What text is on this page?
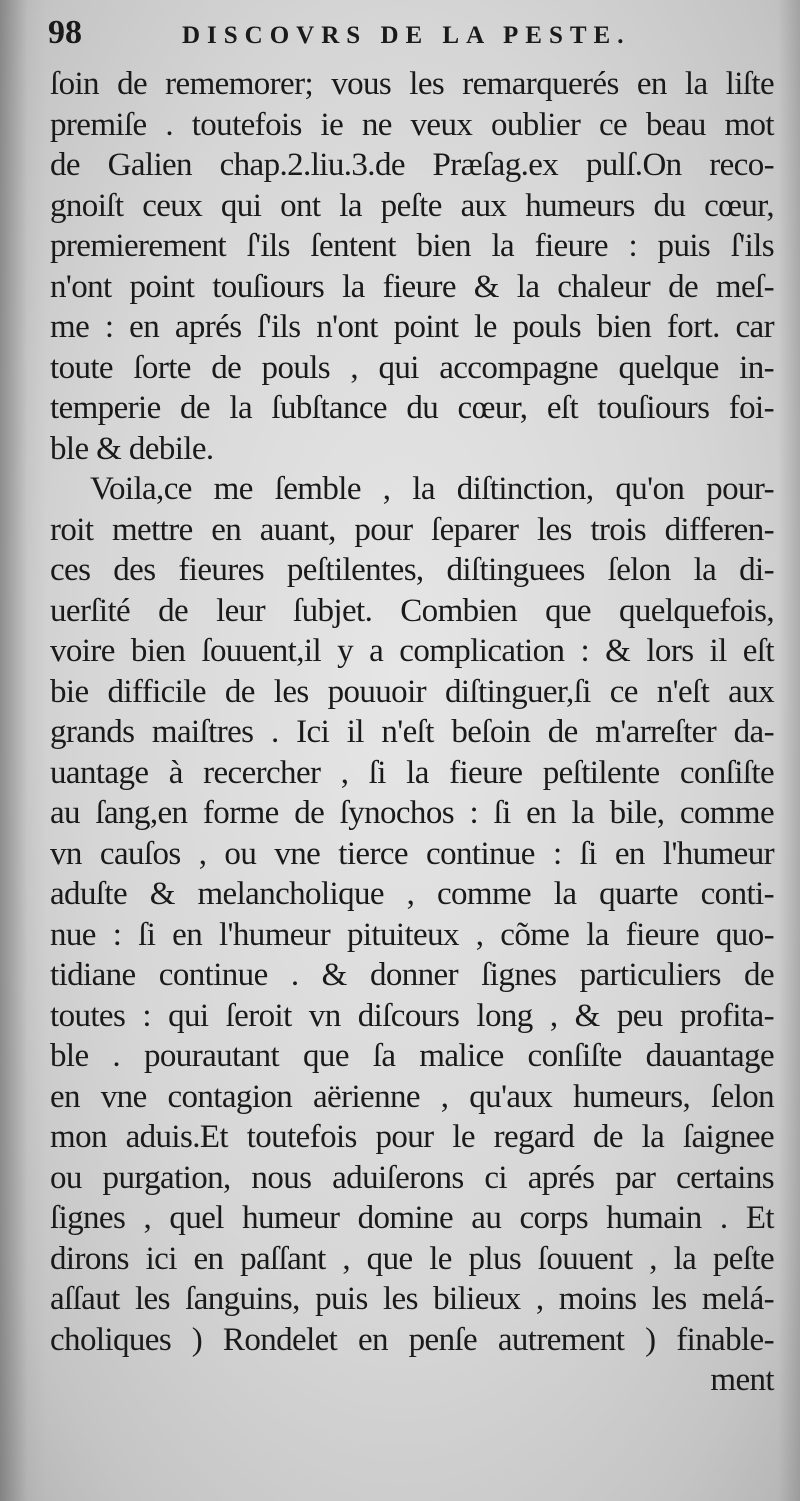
98	DISCOVRS DE LA PESTE.
ſoin de rememorer; vous les remarquerés en la liſte
premiſe . toutefois ie ne veux oublier ce beau mot
de Galien chap.2.liu.3.de Præſag.ex pulſ.On reco-
gnoiſt ceux qui ont la peſte aux humeurs du cœur,
premierement ſ'ils ſentent bien la fieure : puis ſ'ils
n'ont point touſiours la fieure & la chaleur de meſ-
me : en aprés ſ'ils n'ont point le pouls bien fort. car
toute ſorte de pouls , qui accompagne quelque in-
temperie de la ſubſtance du cœur, eſt touſiours foi-
ble & debile.
Voila,ce me ſemble , la diſtinction, qu'on pour-
roit mettre en auant, pour ſeparer les trois differen-
ces des fieures peſtilentes, diſtinguees ſelon la di-
uerſité de leur ſubjet. Combien que quelquefois,
voire bien ſouuent,il y a complication : & lors il eſt
bie difficile de les pouuoir diſtinguer,ſi ce n'eſt aux
grands maiſtres . Ici il n'eſt beſoin de m'arreſter da-
uantage à recercher , ſi la fieure peſtilente conſiſte
au ſang,en forme de ſynochos : ſi en la bile, comme
vn cauſos , ou vne tierce continue : ſi en l'humeur
aduſte & melancholique , comme la quarte conti-
nue : ſi en l'humeur pituiteux , cõme la fieure quo-
tidiane continue . & donner ſignes particuliers de
toutes : qui ſeroit vn diſcours long , & peu profita-
ble . pourautant que ſa malice conſiſte dauantage
en vne contagion aërienne , qu'aux humeurs, ſelon
mon aduis.Et toutefois pour le regard de la ſaignee
ou purgation, nous aduiſerons ci aprés par certains
ſignes , quel humeur domine au corps humain . Et
dirons ici en paſſant , que le plus ſouuent , la peſte
aſſaut les ſanguins, puis les bilieux , moins les melá-
choliques ) Rondelet en penſe autrement ) finable-
ment
